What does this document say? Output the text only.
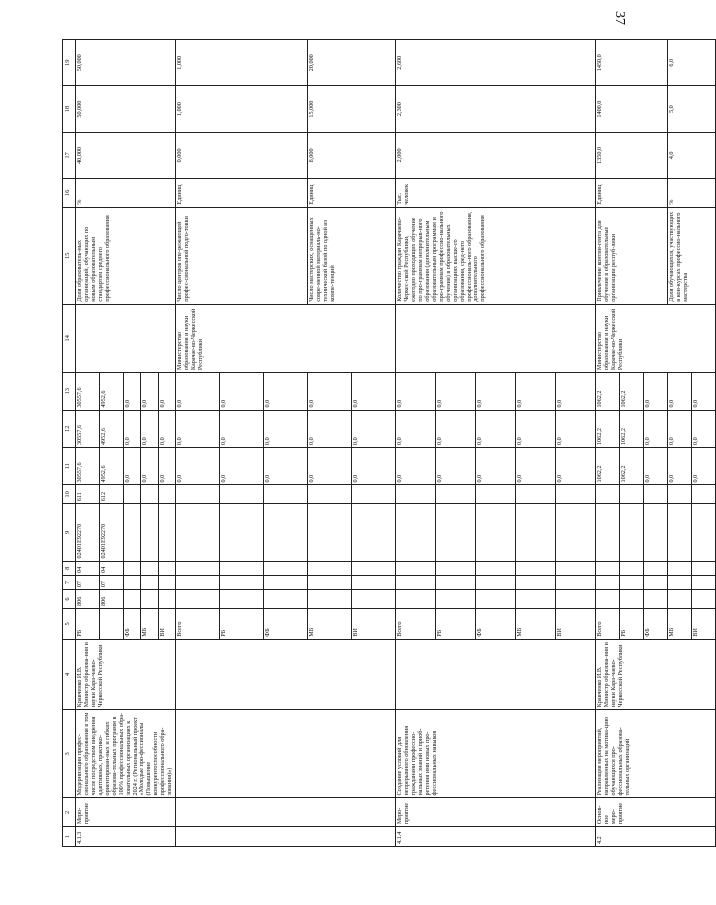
37
1	2	3	4	5	6	7	8	9	10	11	12	13	14	15	16	17	18	19
4.1.3	Меро-приятие	Модернизация профес-сионального образования в том числе посредством внедрения адаптивных, практико-ориентирован-ных и гибких образова-тельных программ в 100% профессиональных обра-зовательных организациях к 2024 г. (Региональный проект «Молодые про-фессионалы (Повышение конкурентоспособности профессионального обра-зования)»)	Кравченко И.В. Министр образова-ния и науки Кара-чаево-Черкесской Республики	РБ	806	07	04	02401Е92270	611	30557,6	30557,6	30557,6		Доля образователь-ных организаций, обучающих по новым образовательным стандартам среднего профессионального образования	%	40,000	50,000	50,000
					806	07	04	02401Е92270	612	4952,6	4952,6	4952,6						
				ФБ						0,0	0,0	0,0						
				МБ						0,0	0,0	0,0						
				ВИ						0,0	0,0	0,0						
				Всего						0,0	0,0	0,0	Министерство образования и науки Карачае-во-Черкесской Республики	Число центров опе-режающей профес-сиональной подго-товки	Единиц	0,000	1,000	1,000
				РБ						0,0	0,0	0,0						
				ФБ						0,0	0,0	0,0						
				МБ						0,0	0,0	0,0		Число мастерских, оснащенных совре-менной материаль-но-технической базой по одной из компе-тенций	Единиц	8,000	15,000	20,000
				ВИ						0,0	0,0	0,0						
4.1.4	Меро-приятие	Создание условий для непрерывного обновления гражданами профессио-нальных знаний и приоб-ретения ими новых про-фессиональных навыков		Всего						0,0	0,0	0,0		Количество граждан Карачаево-Черкес-ской Республики, ежегодно проходящих обучение по про-граммам непрерыв-ного образования (дополнительным образовательным программам и про-граммам профессио-нального обучения) в образовательных организациях высше-го образования, сред-него профессиональ-ного образования, дополнительного профессионального образования	Тыс. человек	2,000	2,300	2,600
				РБ						0,0	0,0	0,0						
				ФБ						0,0	0,0	0,0						
				МБ						0,0	0,0	0,0						
				ВИ						0,0	0,0	0,0						
4.2	Основ-ное меро-приятие	Реализация мероприятий, направленных на мотива-цию обучающихся про-фессиональных образова-тельных организаций	Кравченко И.В. Министр образова-ния и науки Кара-чаево-Черкесской Республики	Всего						1062,2	1062,2	1062,2	Министерство образования и науки Карачае-во-Черкесской Республики	Привлечение контин-гента для обучения в образовательные организации респуб-лики	Единиц	1350,0	1400,0	1450,0
				РБ						1062,2	1062,2	1062,2						
				ФБ						0,0	0,0	0,0						
				МБ						0,0	0,0	0,0		Доля обучающихся, участвующих в кон-курсах профессио-нального мастерства	%	4,0	5,0	6,0
				ВИ						0,0	0,0	0,0						
